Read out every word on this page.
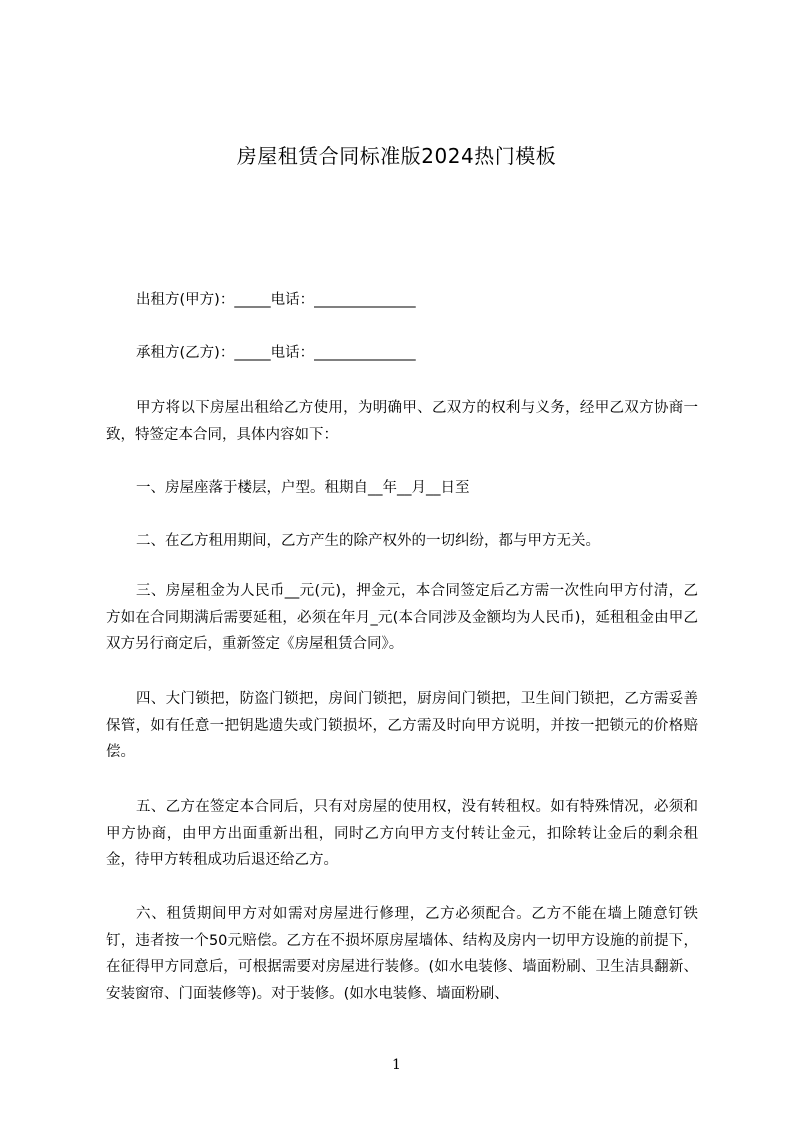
房屋租赁合同标准版2024热门模板
出租方(甲方)：_____电话：______________
承租方(乙方)：_____电话：______________

甲方将以下房屋出租给乙方使用，为明确甲、乙双方的权利与义务，经甲乙双方协商一致，特签定本合同，具体内容如下：

一、房屋座落于楼层，户型。租期自__年__月__日至

二、在乙方租用期间，乙方产生的除产权外的一切纠纷，都与甲方无关。

三、房屋租金为人民币__元(元)，押金元，本合同签定后乙方需一次性向甲方付清，乙方如在合同期满后需要延租，必须在年月_元(本合同涉及金额均为人民币)，延租租金由甲乙双方另行商定后，重新签定《房屋租赁合同》。

四、大门锁把，防盗门锁把，房间门锁把，厨房间门锁把，卫生间门锁把，乙方需妥善保管，如有任意一把钥匙遗失或门锁损坏，乙方需及时向甲方说明，并按一把锁元的价格赔偿。

五、乙方在签定本合同后，只有对房屋的使用权，没有转租权。如有特殊情况，必须和甲方协商，由甲方出面重新出租，同时乙方向甲方支付转让金元，扣除转让金后的剩余租金，待甲方转租成功后退还给乙方。

六、租赁期间甲方对如需对房屋进行修理，乙方必须配合。乙方不能在墙上随意钉铁钉，违者按一个50元赔偿。乙方在不损坏原房屋墙体、结构及房内一切甲方设施的前提下，在征得甲方同意后，可根据需要对房屋进行装修。(如水电装修、墙面粉刷、卫生洁具翻新、安装窗帘、门面装修等)。对于装修。(如水电装修、墙面粉刷、

1
